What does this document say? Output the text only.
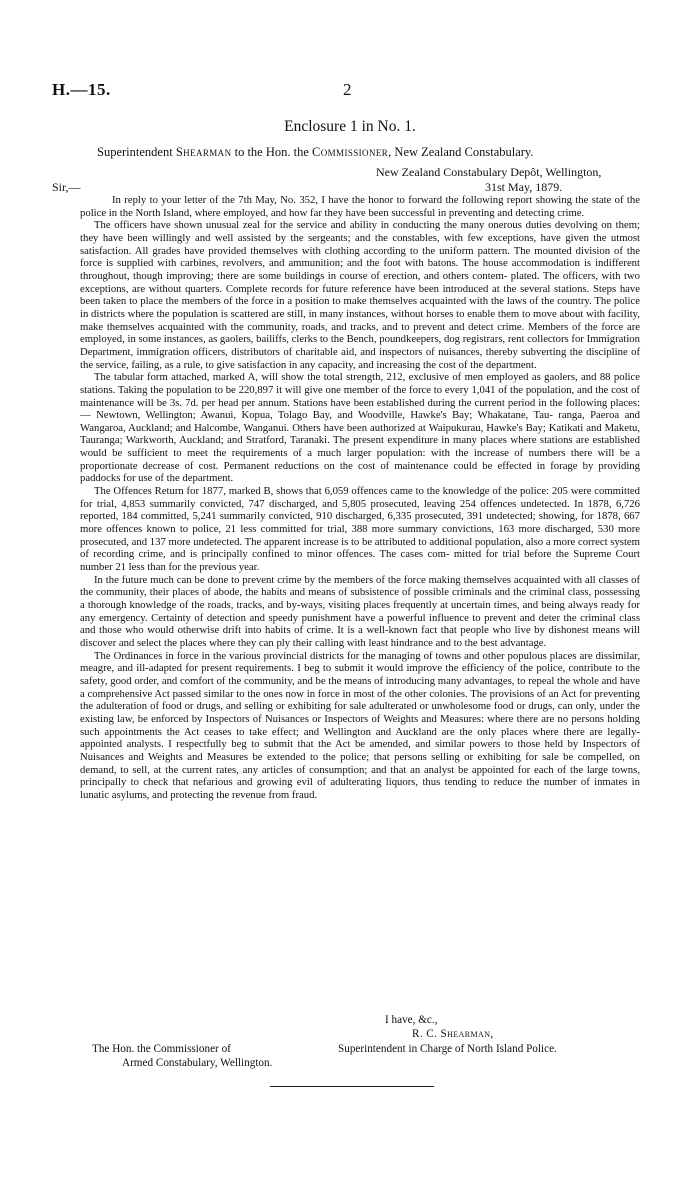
H.—15.	2
Enclosure 1 in No. 1.
Superintendent Shearman to the Hon. the Commissioner, New Zealand Constabulary.
New Zealand Constabulary Depôt, Wellington,
Sir,—	31st May, 1879.

In reply to your letter of the 7th May, No. 352, I have the honor to forward the following report showing the state of the police in the North Island, where employed, and how far they have been successful in preventing and detecting crime.

The officers have shown unusual zeal for the service and ability in conducting the many onerous duties devolving on them; they have been willingly and well assisted by the sergeants; and the constables, with few exceptions, have given the utmost satisfaction. All grades have provided themselves with clothing according to the uniform pattern. The mounted division of the force is supplied with carbines, revolvers, and ammunition; and the foot with batons. The house accommodation is indifferent throughout, though improving; there are some buildings in course of erection, and others contem- plated. The officers, with two exceptions, are without quarters. Complete records for future reference have been introduced at the several stations. Steps have been taken to place the members of the force in a position to make themselves acquainted with the laws of the country. The police in districts where the population is scattered are still, in many instances, without horses to enable them to move about with facility, make themselves acquainted with the community, roads, and tracks, and to prevent and detect crime. Members of the force are employed, in some instances, as gaolers, bailiffs, clerks to the Bench, poundkeepers, dog registrars, rent collectors for Immigration Department, immigration officers, distributors of charitable aid, and inspectors of nuisances, thereby subverting the discipline of the service, failing, as a rule, to give satisfaction in any capacity, and increasing the cost of the department.

The tabular form attached, marked A, will show the total strength, 212, exclusive of men employed as gaolers, and 88 police stations. Taking the population to be 220,897 it will give one member of the force to every 1,041 of the population, and the cost of maintenance will be 3s. 7d. per head per annum. Stations have been established during the current period in the following places:— Newtown, Wellington; Awanui, Kopua, Tolago Bay, and Woodville, Hawke's Bay; Whakatane, Tau- ranga, Paeroa and Wangaroa, Auckland; and Halcombe, Wanganui. Others have been authorized at Waipukurau, Hawke's Bay; Katikati and Maketu, Tauranga; Warkworth, Auckland; and Stratford, Taranaki. The present expenditure in many places where stations are established would be sufficient to meet the requirements of a much larger population: with the increase of numbers there will be a proportionate decrease of cost. Permanent reductions on the cost of maintenance could be effected in forage by providing paddocks for use of the department.

The Offences Return for 1877, marked B, shows that 6,059 offences came to the knowledge of the police: 205 were committed for trial, 4,853 summarily convicted, 747 discharged, and 5,805 prosecuted, leaving 254 offences undetected. In 1878, 6,726 reported, 184 committed, 5,241 summarily convicted, 910 discharged, 6,335 prosecuted, 391 undetected; showing, for 1878, 667 more offences known to police, 21 less committed for trial, 388 more summary convictions, 163 more discharged, 530 more prosecuted, and 137 more undetected. The apparent increase is to be attributed to additional population, also a more correct system of recording crime, and is principally confined to minor offences. The cases com- mitted for trial before the Supreme Court number 21 less than for the previous year.

In the future much can be done to prevent crime by the members of the force making themselves acquainted with all classes of the community, their places of abode, the habits and means of subsistence of possible criminals and the criminal class, possessing a thorough knowledge of the roads, tracks, and by-ways, visiting places frequently at uncertain times, and being always ready for any emergency. Certainty of detection and speedy punishment have a powerful influence to prevent and deter the criminal class and those who would otherwise drift into habits of crime. It is a well-known fact that people who live by dishonest means will discover and select the places where they can ply their calling with least hindrance and to the best advantage.

The Ordinances in force in the various provincial districts for the managing of towns and other populous places are dissimilar, meagre, and ill-adapted for present requirements. I beg to submit it would improve the efficiency of the police, contribute to the safety, good order, and comfort of the community, and be the means of introducing many advantages, to repeal the whole and have a comprehensive Act passed similar to the ones now in force in most of the other colonies. The provisions of an Act for preventing the adulteration of food or drugs, and selling or exhibiting for sale adulterated or unwholesome food or drugs, can only, under the existing law, be enforced by Inspectors of Nuisances or Inspectors of Weights and Measures: where there are no persons holding such appointments the Act ceases to take effect; and Wellington and Auckland are the only places where there are legally-appointed analysts. I respectfully beg to submit that the Act be amended, and similar powers to those held by Inspectors of Nuisances and Weights and Measures be extended to the police; that persons selling or exhibiting for sale be compelled, on demand, to sell, at the current rates, any articles of consumption; and that an analyst be appointed for each of the large towns, principally to check that nefarious and growing evil of adulterating liquors, thus tending to reduce the number of inmates in lunatic asylums, and protecting the revenue from fraud.

I have, &c.,
R. C. Shearman,
The Hon. the Commissioner of	Superintendent in Charge of North Island Police.
Armed Constabulary, Wellington.
